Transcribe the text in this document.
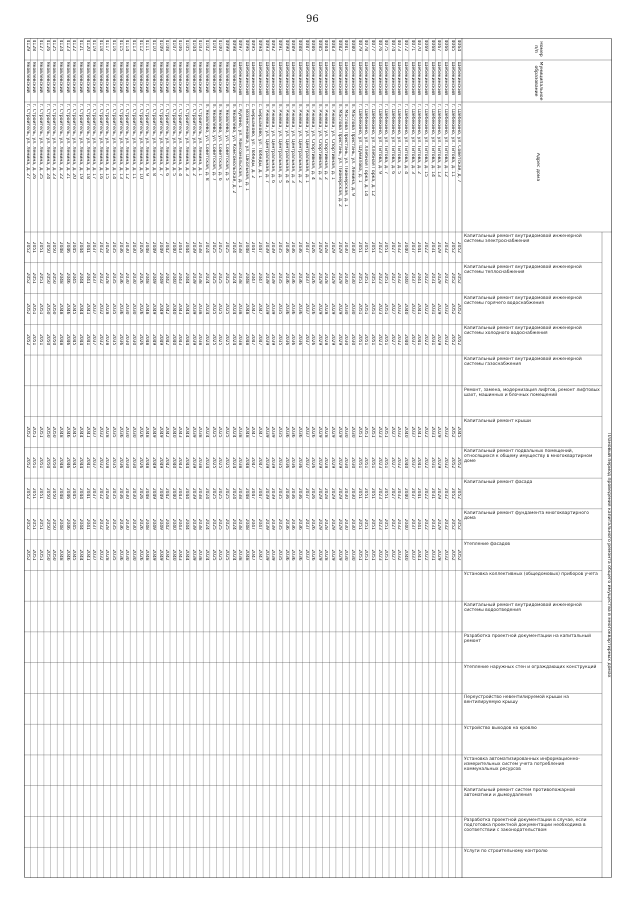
96
Номер п/п
Муниципальное образование
Адрес дома
Плановый период проведения капитального ремонта общего имущества в многоквартирных домах
Капитальный ремонт внутридомовой инженерной системы электроснабжения
Капитальный ремонт внутридомовой инженерной системы теплоснабжения
Капитальный ремонт внутридомовой инженерной системы горячего водоснабжения
Капитальный ремонт внутридомовой инженерной системы холодного водоснабжения
Капитальный ремонт внутридомовой инженерной системы газоснабжения
Ремонт, замена, модернизация лифтов, ремонт лифтовых шахт, машинных и блочных помещений
Капитальный ремонт крыши
Капитальный ремонт подвальных помещений, относящихся к общему имуществу в многоквартирном доме
Капитальный ремонт фасада
Капитальный ремонт фундамента многоквартирного дома
Утепление фасадов
Установка коллективных (общедомовых) приборов учета
Капитальный ремонт внутридомовой инженерной системы водоотведения
Разработка проектной документации на капитальный ремонт
Утепление наружных стен и ограждающих конструкций
Переустройство невентилируемой крыши на вентилируемую крышу
Устройство выходов на кровлю
Установка автоматизированных информационно-измерительных систем учета потребления коммунальных ресурсов
Капитальный ремонт систем противопожарной автоматики и дымоудаления
Разработка проектной документации в случае, если подготовка проектной документации необходима в соответствии с законодательством
Услуги по строительному контролю
4064
Шебекинский
г. Шебекино, ул. Советская, д. 7
2052
2052
2052
2052
2045
2052
2052
2052
2052
4065
Шебекинский
г. Шебекино, ул. Титова, д. 11
2052
2052
2052
2052
2052
2052
2052
2052
2052
4066
Шебекинский
г. Шебекино, ул. Титова, д. 12
2032
2032
2032
2032
2032
2032
2032
2032
2032
4067
Шебекинский
г. Шебекино, ул. Титова, д. 13
2029
2029
2029
2029
2029
2029
2029
2029
2029
4068
Шебекинский
г. Шебекино, ул. Титова, д. 14
2031
2031
2031
2031
2031
2031
2031
2031
2031
4069
Шебекинский
г. Шебекино, ул. Титова, д. 15
2022
2022
2022
2022
2022
2022
2022
2022
2022
4070
Шебекинский
г. Шебекино, ул. Титова, д. 2
2041
2041
2041
2041
2041
2041
2041
2041
2041
4071
Шебекинский
г. Шебекино, ул. Титова, д. 3
2037
2037
2037
2037
2037
2037
2037
2037
2037
4072
Шебекинский
г. Шебекино, ул. Титова, д. 4
2040
2040
2040
2040
2040
2040
2040
2040
2040
4073
Шебекинский
г. Шебекино, ул. Титова, д. 5
2032
2032
2032
2032
2032
2032
2032
2032
2032
4074
Шебекинский
г. Шебекино, ул. Титова, д. 6
2027
2027
2027
2027
2027
2027
2027
2027
2027
4075
Шебекинский
г. Шебекино, ул. Титова, д. 7
2051
2051
2051
2051
2051
2051
2051
2051
2051
4076
Шебекинский
г. Шебекино, ул. Титова, д. 9
2023
2023
2023
2023
2023
2023
2023
2023
2023
4077
Шебекинский
г. Шебекино, ул. Хлебная Горка, д. 12
2051
2051
2051
2051
2051
2051
2051
2051
2051
4078
Шебекинский
г. Шебекино, ул. Хлебная Горка, д. 14
2051
2051
2051
2051
2051
2051
2051
2051
2051
4079
Шебекинский
г. Шебекино, ул. Шумилова, д. 1
2051
2051
2051
2051
2051
2051
2051
2051
2051
4080
Шебекинский
п. Маслова Пристань, ул. Ленина, д. 9
2030
2030
2030
2030
2030
2030
2030
2030
2030
4081
Шебекинский
п. Маслова Пристань, ул. Пионерская, д. 1
2030
2030
2030
2030
2030
2030
2030
2030
2030
4082
Шебекинский
п. Маслова Пристань, ул. Пионерская, д. 2
2029
2029
2029
2029
2029
2029
2029
2029
2029
4083
Шебекинский
п. Ржевка, ул. Спортивная, д. 1
2029
2029
2029
2029
2029
2029
2029
2029
2029
4084
Шебекинский
п. Ржевка, ул. Спортивная, д. 2
2028
2028
2028
2028
2028
2028
2028
2028
2028
4085
Шебекинский
п. Ржевка, ул. Спортивная, д. 3
2029
2029
2029
2029
2029
2029
2029
2029
2029
4086
Шебекинский
п. Ржевка, ул. Спортивная, д. 4
2026
2026
2026
2026
2026
2026
2026
2026
2026
4087
Шебекинский
п. Ржевка, ул. Центральная, д. 1
2037
2037
2037
2037
2037
2037
2037
2037
2037
4088
Шебекинский
п. Ржевка, ул. Центральная, д. 2
2036
2036
2036
2036
2036
2036
2036
2036
2036
4089
Шебекинский
п. Ржевка, ул. Центральная, д. 3
2036
2036
2036
2036
2036
2036
2036
2036
2036
4090
Шебекинский
п. Ржевка, ул. Центральная, д. 4
2036
2036
2036
2036
2036
2036
2036
2036
2036
4091
Шебекинский
п. Ржевка, ул. Центральная, д. 5
2035
2035
2035
2035
2035
2035
2035
2035
2035
4092
Шебекинский
п. Ржевка, ул. Центральная, д. 6
2039
2039
2039
2039
2039
2039
2039
2039
2039
4093
Шебекинский
п. Ржевка, ул. Центральная, д. 7
2039
2039
2039
2039
2039
2039
2039
2039
2039
4094
Шебекинский
с. Бершаково, ул. Победы, д. 1
2047
2047
2047
2047
2047
2047
2047
2047
2047
4095
Шебекинский
с. Бершаково, ул. Победы, д. 2
2047
2047
2047
2047
2047
2047
2047
2047
2047
4096
Шебекинский
с. Вознесеновка, ул. Школьная, д. 1
2048
2048
2048
2048
2048
2048
2048
2048
2048
4097
Шебекинский
с. Купино, ул. Комсомольская, д. 1
2038
2038
2038
2038
2038
2038
2038
2038
2038
4098
Яковлевский
п. Яковлево, ул. Комсомольская, д. 2
2024
2024
2024
2024
2024
2024
2024
2024
2024
4099
Яковлевский
п. Яковлево, ул. Советская, д. 5
2025
2025
2025
2025
2025
2025
2025
2025
2025
4100
Яковлевский
п. Яковлево, ул. Советская, д. 6
2025
2025
2025
2025
2025
2025
2025
2025
2025
4101
Яковлевский
п. Яковлево, ул. Советская, д. 7
2025
2025
2025
2025
2025
2025
2025
2025
2025
4102
Яковлевский
п. Яковлево, ул. Советская, д. 8
2024
2024
2024
2024
2024
2024
2024
2024
2024
4103
Яковлевский
г. Строитель, ул. Ленина, д. 1
2038
2038
2038
2038
2038
2038
2038
2038
2038
4104
Яковлевский
г. Строитель, ул. Ленина, д. 2
2039
2039
2039
2039
2039
2039
2039
2039
2039
4105
Яковлевский
г. Строитель, ул. Ленина, д. 3
2044
2044
2044
2044
2044
2044
2044
2044
2044
4106
Яковлевский
г. Строитель, ул. Ленина, д. 4
2043
2043
2043
2043
2043
2043
2043
2043
2043
4107
Яковлевский
г. Строитель, ул. Ленина, д. 5
2040
2040
2040
2040
2040
2040
2040
2040
2040
4108
Яковлевский
г. Строитель, ул. Ленина, д. 6
2042
2042
2042
2042
2042
2042
2042
2042
2042
4109
Яковлевский
г. Строитель, ул. Ленина, д. 7
2049
2049
2049
2049
2049
2049
2049
2049
2049
4110
Яковлевский
г. Строитель, ул. Ленина, д. 8
2049
2049
2049
2049
2049
2049
2049
2049
2049
4111
Яковлевский
г. Строитель, ул. Ленина, д. 9
2048
2048
2048
2048
2048
2048
2048
2048
2048
4112
Яковлевский
г. Строитель, ул. Ленина, д. 10
2026
2026
2026
2026
2026
2026
2026
2026
2026
4113
Яковлевский
г. Строитель, ул. Ленина, д. 11
2030
2030
2030
2030
2030
2030
2030
2030
2030
4114
Яковлевский
г. Строитель, ул. Ленина, д. 12
2030
2030
2030
2030
2030
2030
2030
2030
2030
4115
Яковлевский
г. Строитель, ул. Ленина, д. 13
2036
2036
2036
2036
2036
2036
2036
2036
2036
4116
Яковлевский
г. Строитель, ул. Ленина, д. 14
2035
2035
2035
2035
2035
2035
2035
2035
2035
4117
Яковлевский
г. Строитель, ул. Ленина, д. 15
2028
2028
2028
2028
2028
2028
2028
2028
2028
4118
Яковлевский
г. Строитель, ул. Ленина, д. 16
2032
2032
2032
2032
2032
2032
2032
2032
2032
4119
Яковлевский
г. Строитель, ул. Ленина, д. 17
2037
2037
2037
2037
2037
2037
2037
2037
2037
4120
Яковлевский
г. Строитель, ул. Ленина, д. 18
2041
2041
2041
2041
2041
2041
2041
2041
2041
4121
Яковлевский
г. Строитель, ул. Ленина, д. 19
2044
2044
2044
2044
2044
2044
2044
2044
2044
4122
Яковлевский
г. Строитель, ул. Ленина, д. 20
2045
2045
2045
2045
2045
2045
2045
2045
2045
4123
Яковлевский
г. Строитель, ул. Ленина, д. 21
2046
2046
2046
2046
2046
2046
2046
2046
2046
4124
Яковлевский
г. Строитель, ул. Ленина, д. 22
2048
2048
2048
2048
2048
2048
2048
2048
2048
4125
Яковлевский
г. Строитель, ул. Ленина, д. 23
2050
2050
2050
2050
2050
2050
2050
2050
2050
4126
Яковлевский
г. Строитель, ул. Ленина, д. 24
2050
2050
2050
2050
2050
2050
2050
2050
2050
4127
Яковлевский
г. Строитель, ул. Ленина, д. 25
2051
2051
2051
2051
2051
2051
2051
2051
2051
4128
Яковлевский
г. Строитель, ул. Ленина, д. 26
2051
2051
2051
2051
2051
2051
2051
2051
2051
4129
Яковлевский
г. Строитель, ул. Ленина, д. 27
2052
2052
2052
2052
2052
2052
2052
2052
2052
